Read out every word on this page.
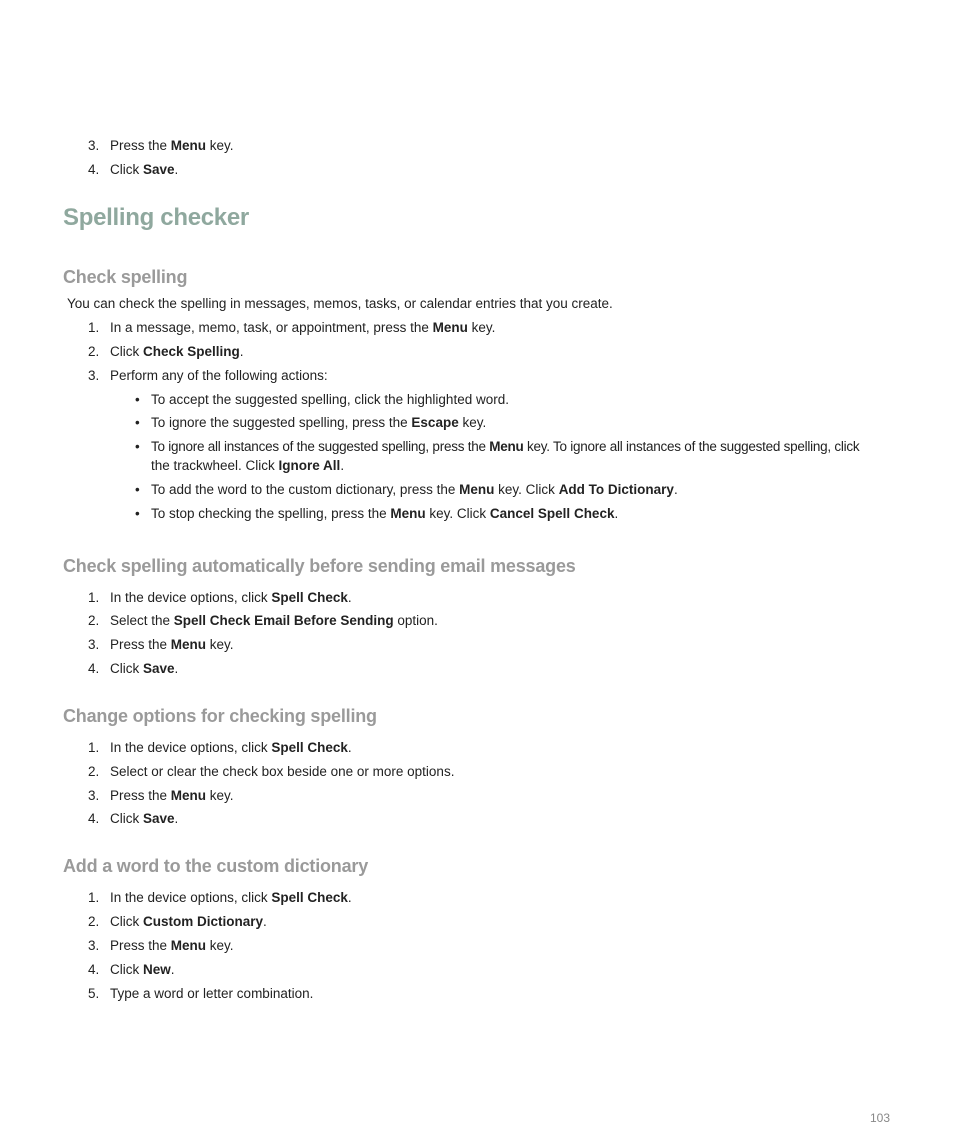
3. Press the Menu key.
4. Click Save.
Spelling checker
Check spelling
You can check the spelling in messages, memos, tasks, or calendar entries that you create.
1. In a message, memo, task, or appointment, press the Menu key.
2. Click Check Spelling.
3. Perform any of the following actions:
• To accept the suggested spelling, click the highlighted word.
• To ignore the suggested spelling, press the Escape key.
• To ignore all instances of the suggested spelling, press the Menu key. To ignore all instances of the suggested spelling, click
the trackwheel. Click Ignore All.
• To add the word to the custom dictionary, press the Menu key. Click Add To Dictionary.
• To stop checking the spelling, press the Menu key. Click Cancel Spell Check.
Check spelling automatically before sending email messages
1. In the device options, click Spell Check.
2. Select the Spell Check Email Before Sending option.
3. Press the Menu key.
4. Click Save.
Change options for checking spelling
1. In the device options, click Spell Check.
2. Select or clear the check box beside one or more options.
3. Press the Menu key.
4. Click Save.
Add a word to the custom dictionary
1. In the device options, click Spell Check.
2. Click Custom Dictionary.
3. Press the Menu key.
4. Click New.
5. Type a word or letter combination.
103
